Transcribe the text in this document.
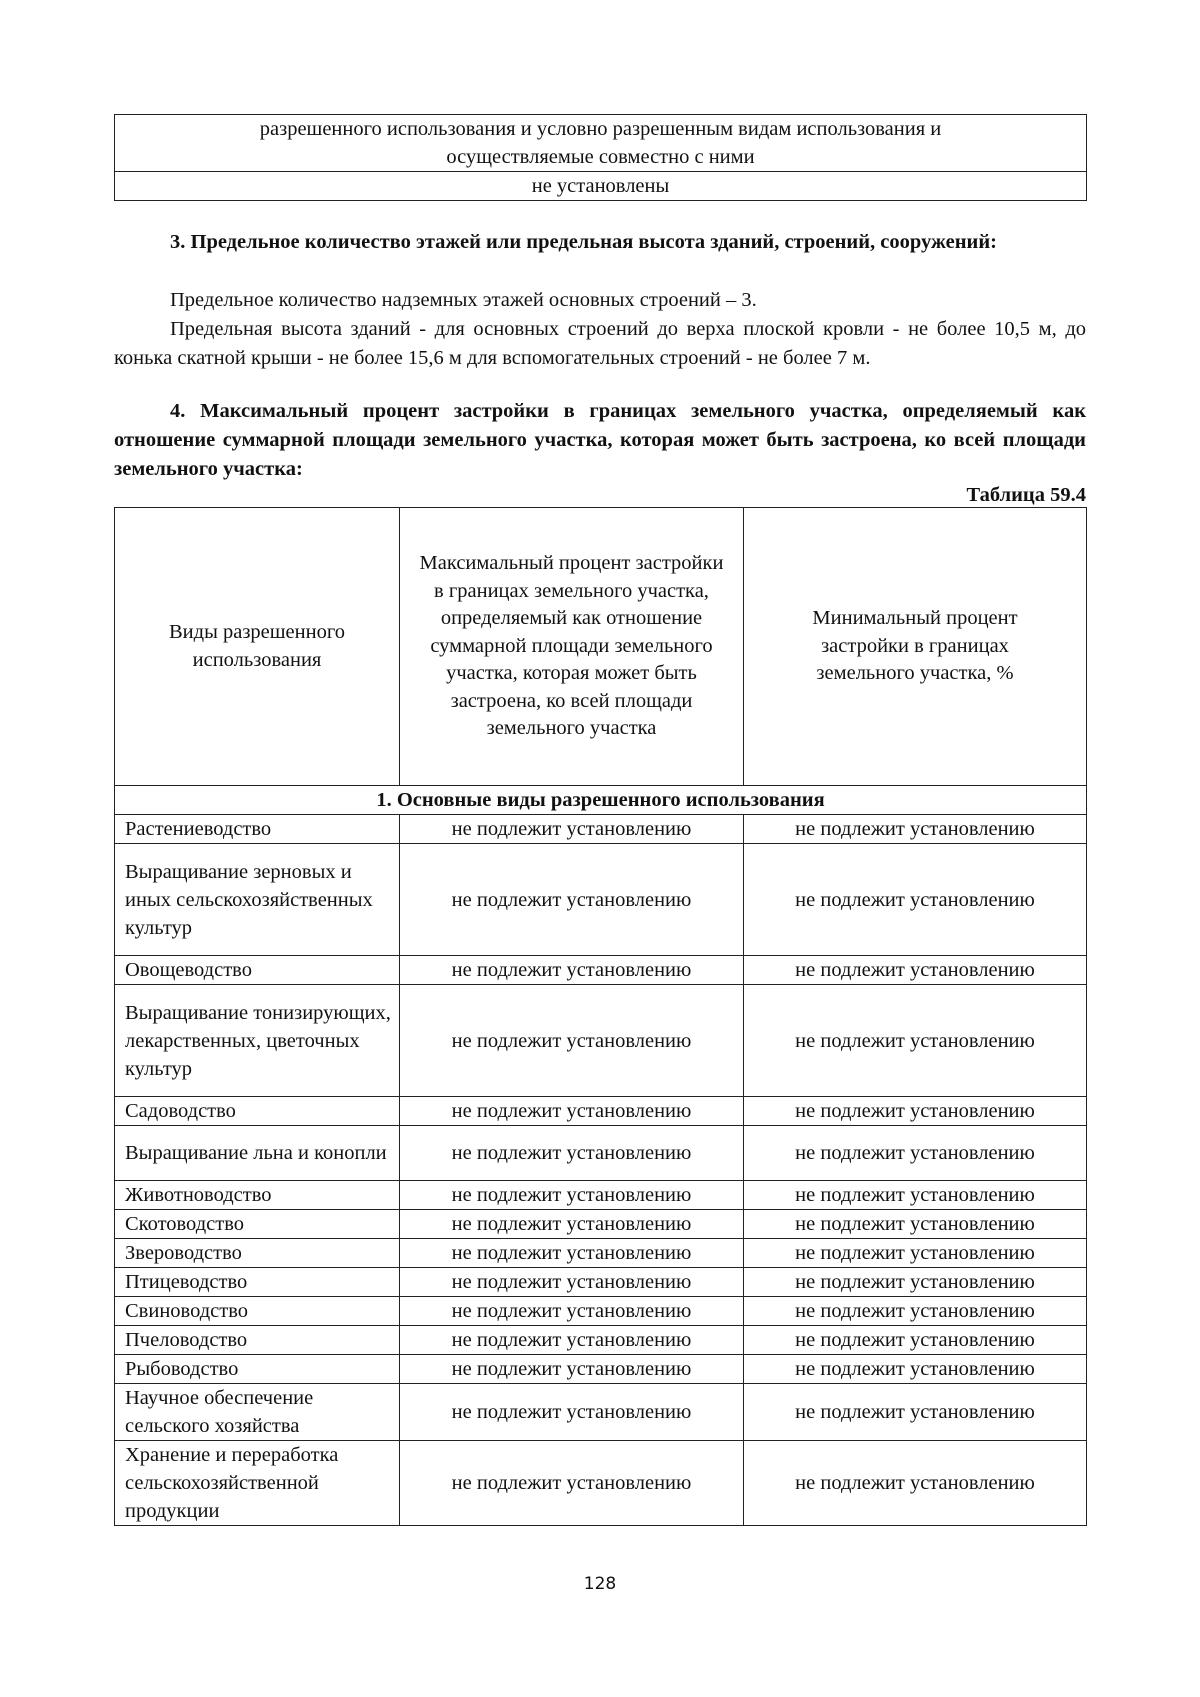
разрешенного использования и условно разрешенным видам использования и осуществляемые совместно с ними
не установлены
3. Предельное количество этажей или предельная высота зданий, строений, сооружений:
Предельное количество надземных этажей основных строений – 3.
Предельная высота зданий - для основных строений до верха плоской кровли - не более 10,5 м, до конька скатной крыши - не более 15,6 м для вспомогательных строений - не более 7 м.
4. Максимальный процент застройки в границах земельного участка, определяемый как отношение суммарной площади земельного участка, которая может быть застроена, ко всей площади земельного участка:
Таблица 59.4
Виды разрешенного использования	Максимальный процент застройки в границах земельного участка, определяемый как отношение суммарной площади земельного участка, которая может быть застроена, ко всей площади земельного участка	Минимальный процент застройки в границах земельного участка, %
1. Основные виды разрешенного использования		
Растениеводство	не подлежит установлению	не подлежит установлению
Выращивание зерновых и иных сельскохозяйственных культур	не подлежит установлению	не подлежит установлению
Овощеводство	не подлежит установлению	не подлежит установлению
Выращивание тонизирующих, лекарственных, цветочных культур	не подлежит установлению	не подлежит установлению
Садоводство	не подлежит установлению	не подлежит установлению
Выращивание льна и конопли	не подлежит установлению	не подлежит установлению
Животноводство	не подлежит установлению	не подлежит установлению
Скотоводство	не подлежит установлению	не подлежит установлению
Звероводство	не подлежит установлению	не подлежит установлению
Птицеводство	не подлежит установлению	не подлежит установлению
Свиноводство	не подлежит установлению	не подлежит установлению
Пчеловодство	не подлежит установлению	не подлежит установлению
Рыбоводство	не подлежит установлению	не подлежит установлению
Научное обеспечение сельского хозяйства	не подлежит установлению	не подлежит установлению
Хранение и переработка сельскохозяйственной продукции	не подлежит установлению	не подлежит установлению
128
